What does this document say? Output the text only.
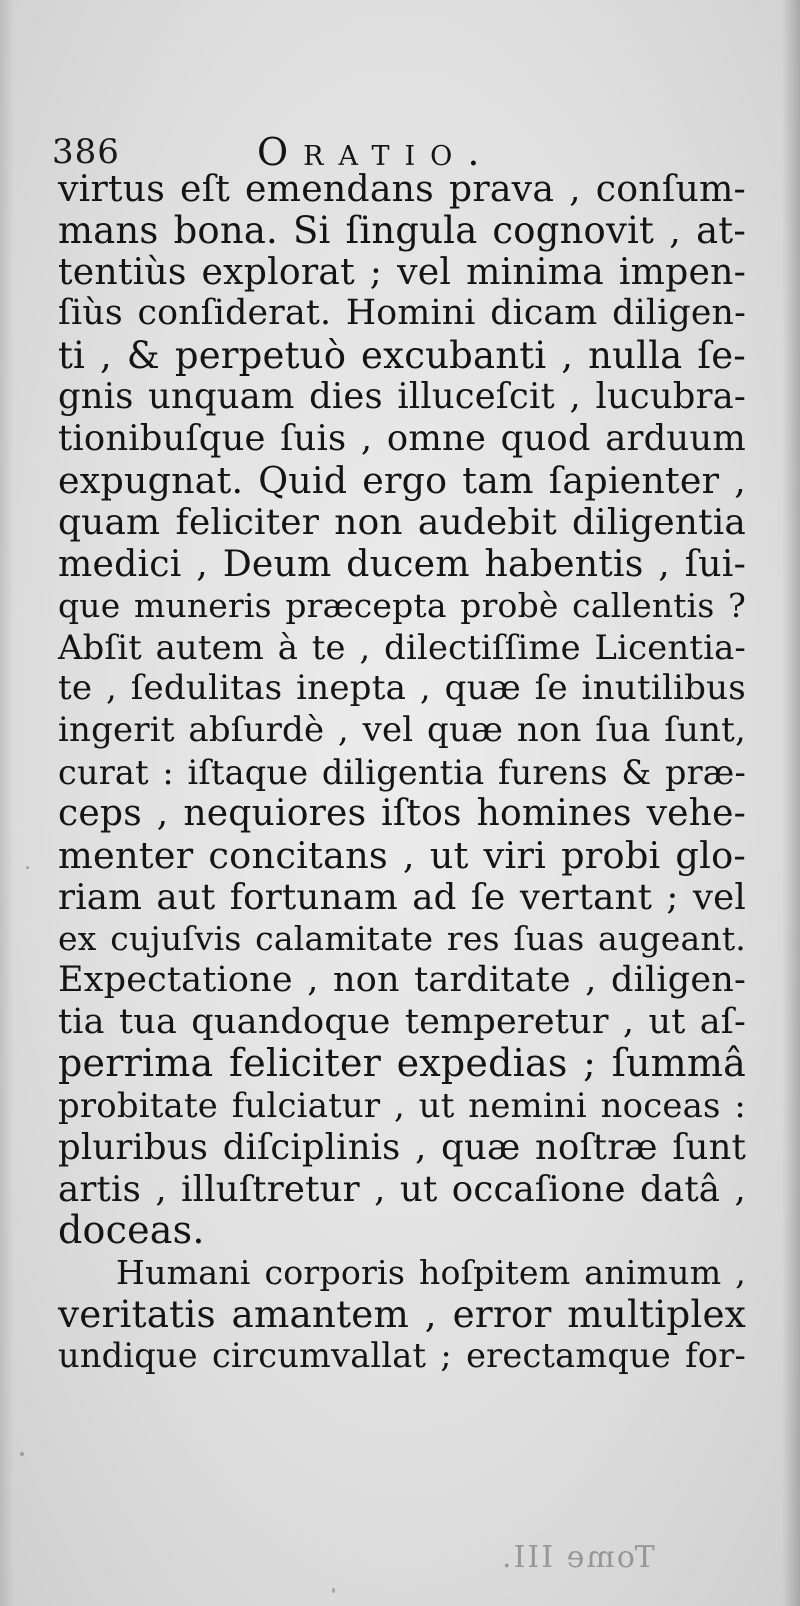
386	Oratio.
virtus eſt emendans prava , conſum-
mans bona. Si ſingula cognovit , at-
tentiùs explorat ; vel minima impen-
ſiùs conſiderat. Homini dicam diligen-
ti , & perpetuò excubanti , nulla ſe-
gnis unquam dies illuceſcit , lucubra-
tionibuſque ſuis , omne quod arduum
expugnat. Quid ergo tam ſapienter ,
quam feliciter non audebit diligentia
medici , Deum ducem habentis , ſui-
que muneris præcepta probè callentis ?
Abſit autem à te , dilectiſſime Licentia-
te , ſedulitas inepta , quæ ſe inutilibus
ingerit abſurdè , vel quæ non ſua ſunt,
curat : iſtaque diligentia furens & præ-
ceps , nequiores iſtos homines vehe-
menter concitans , ut viri probi glo-
riam aut fortunam ad ſe vertant ; vel
ex cujuſvis calamitate res ſuas augeant.
Expectatione , non tarditate , diligen-
tia tua quandoque temperetur , ut aſ-
perrima feliciter expedias ; ſummâ
probitate fulciatur , ut nemini noceas :
pluribus diſciplinis , quæ noſtræ ſunt
artis , illuſtretur , ut occaſione datâ ,
doceas.
Humani corporis hoſpitem animum ,
veritatis amantem , error multiplex
undique circumvallat ; erectamque for-
Tome III.
